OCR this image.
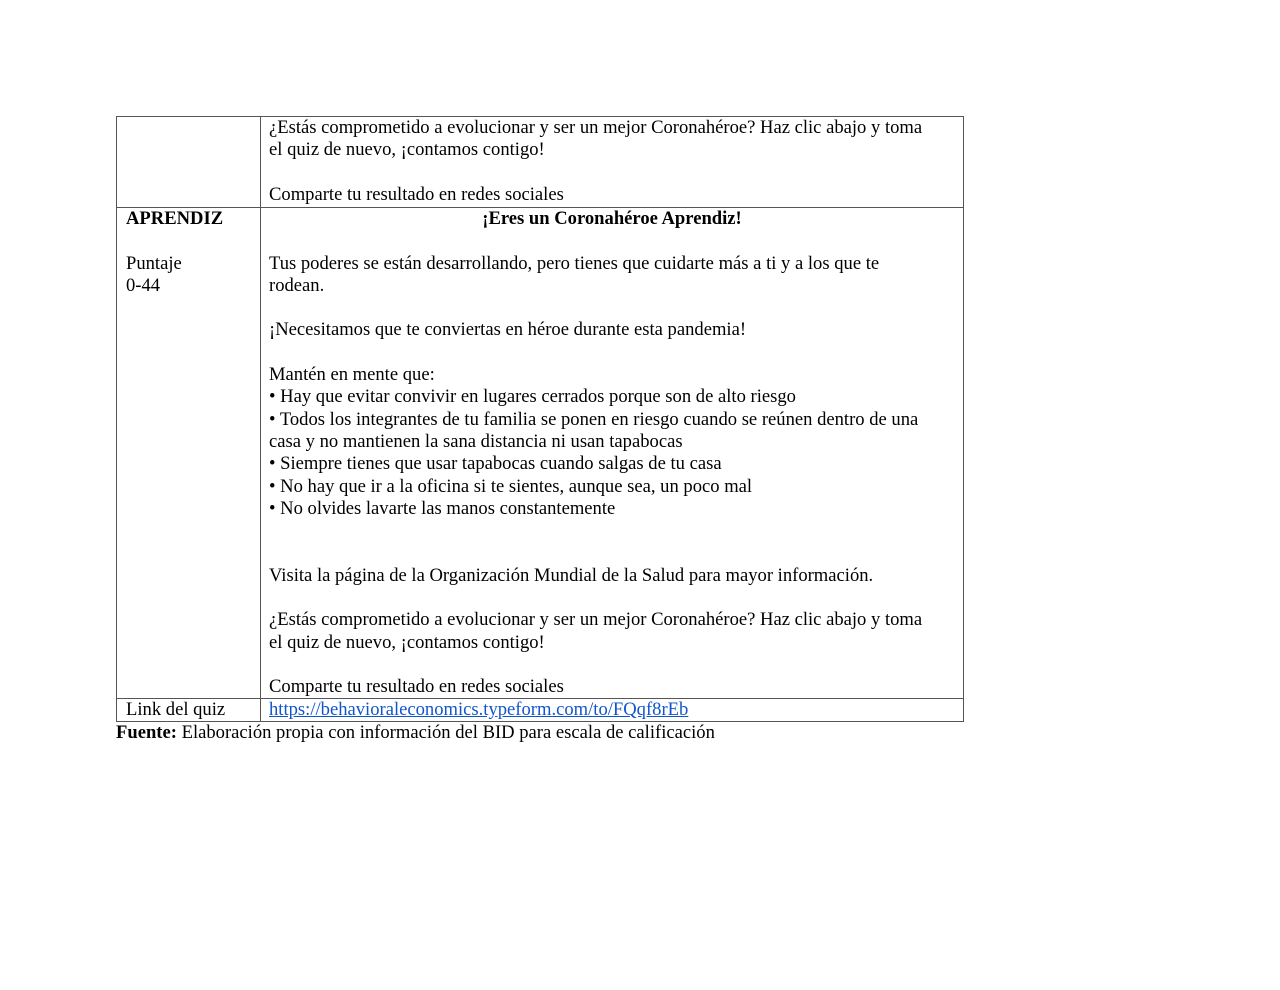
¿Estás comprometido a evolucionar y ser un mejor Coronahéroe? Haz clic abajo y toma
el quiz de nuevo, ¡contamos contigo!
Comparte tu resultado en redes sociales
APRENDIZ
Puntaje
0-44
¡Eres un Coronahéroe Aprendiz!
Tus poderes se están desarrollando, pero tienes que cuidarte más a ti y a los que te
rodean.
¡Necesitamos que te conviertas en héroe durante esta pandemia!
Mantén en mente que:
• Hay que evitar convivir en lugares cerrados porque son de alto riesgo
• Todos los integrantes de tu familia se ponen en riesgo cuando se reúnen dentro de una
casa y no mantienen la sana distancia ni usan tapabocas
• Siempre tienes que usar tapabocas cuando salgas de tu casa
• No hay que ir a la oficina si te sientes, aunque sea, un poco mal
• No olvides lavarte las manos constantemente
Visita la página de la Organización Mundial de la Salud para mayor información.
¿Estás comprometido a evolucionar y ser un mejor Coronahéroe? Haz clic abajo y toma
el quiz de nuevo, ¡contamos contigo!
Comparte tu resultado en redes sociales
Link del quiz	https://behavioraleconomics.typeform.com/to/FQqf8rEb
Fuente: Elaboración propia con información del BID para escala de calificación
